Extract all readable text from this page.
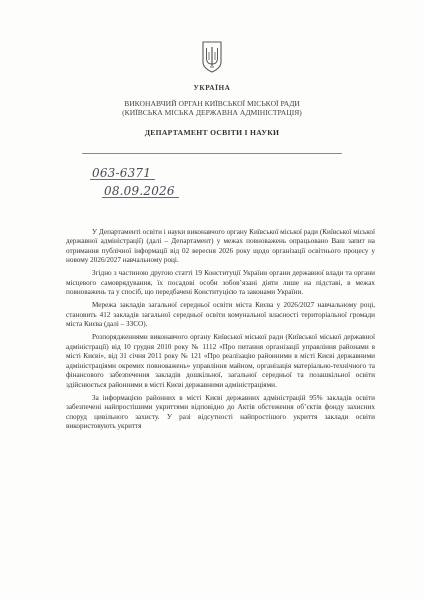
УКРАЇНА

ВИКОНАВЧИЙ ОРГАН КИЇВСЬКОЇ МІСЬКОЇ РАДИ

(КИЇВСЬКА МІСЬКА ДЕРЖАВНА АДМІНІСТРАЦІЯ)

ДЕПАРТАМЕНТ ОСВІТИ І НАУКИ

063-6371
08.09.2026

У Департаменті освіти і науки виконавчого органу Київської міської ради (Київської міської державної адміністрації) (далі – Департамент) у межах повноважень опрацьовано Ваш запит на отримання публічної інформації від 02 вересня 2026 року щодо організації освітнього процесу у новому 2026/2027 навчальному році.

Згідно з частиною другою статті 19 Конституції України органи державної влади та органи місцевого самоврядування, їх посадові особи зобов’язані діяти лише на підставі, в межах повноважень та у спосіб, що передбачені Конституцією та законами України.

Мережа закладів загальної середньої освіти міста Києва у 2026/2027 навчальному році, становить 412 закладів загальної середньої освіти комунальної власності територіальної громади міста Києва (далі – ЗЗСО).

Розпорядженнями виконавчого органу Київської міської ради (Київської міської державної адміністрації) від 10 грудня 2010 року № 1112 «Про питання організації управління районами в місті Києві», від 31 січня 2011 року № 121 «Про реалізацію районними в місті Києві державними адміністраціями окремих повноважень» управління майном, організація матеріально-технічного та фінансового забезпечення закладів дошкільної, загальної середньої та позашкільної освіти здійснюється районними в місті Києві державними адміністраціями.

За інформацією районних в місті Києві державних адміністрацій 95% закладів освіти забезпечені найпростішими укриттями відповідно до Актів обстеження об’єктів фонду захисних споруд цивільного захисту. У разі відсутності найпростішого укриття заклади освіти використовують укриття
